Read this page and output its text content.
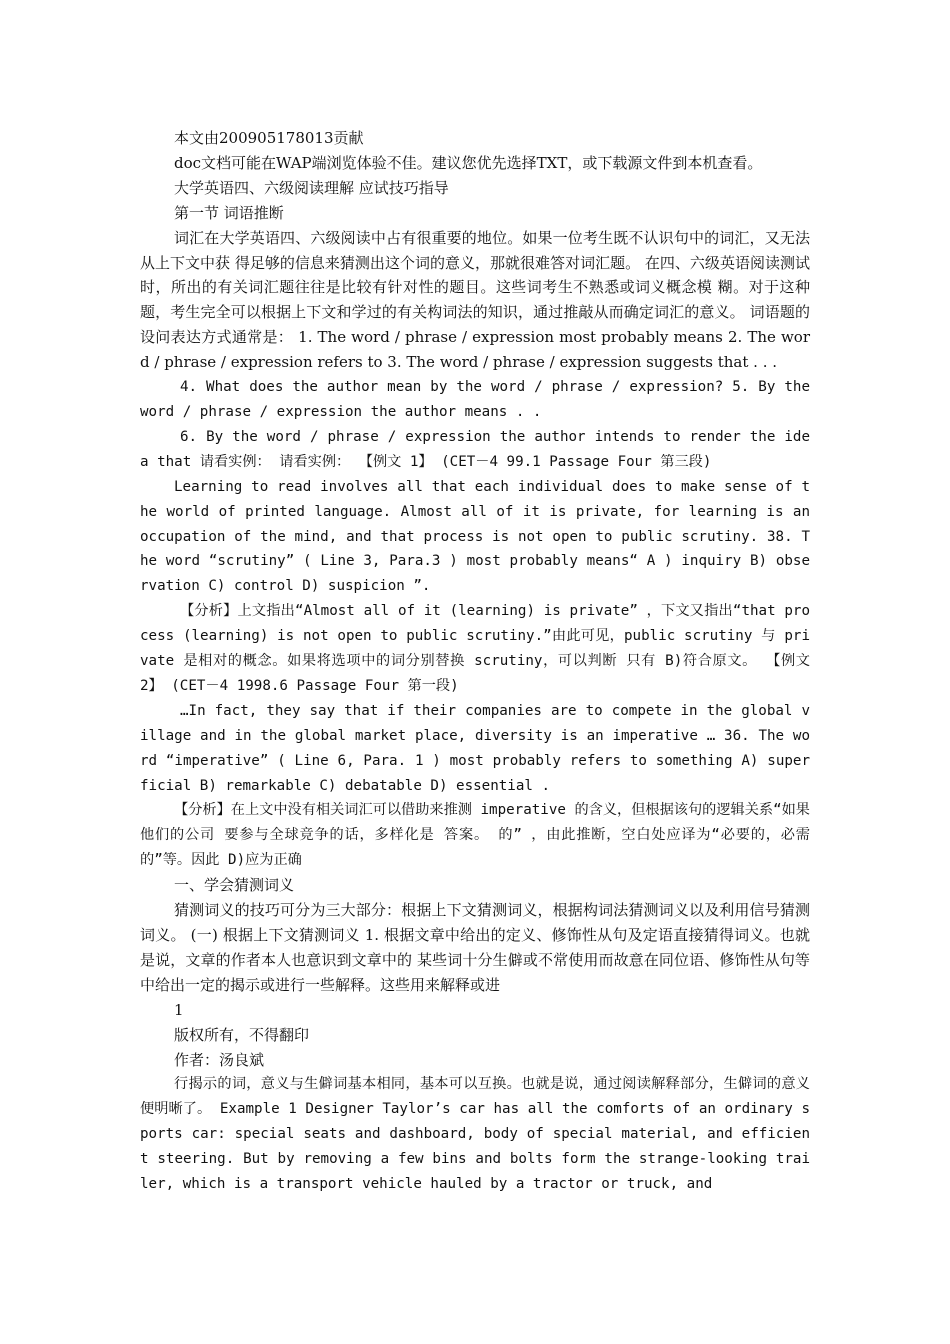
本文由200905178013贡献

doc文档可能在WAP端浏览体验不佳。建议您优先选择TXT，或下载源文件到本机查看。

大学英语四、六级阅读理解 应试技巧指导

第一节 词语推断

词汇在大学英语四、六级阅读中占有很重要的地位。如果一位考生既不认识句中的词汇，又无法从上下文中获 得足够的信息来猜测出这个词的意义，那就很难答对词汇题。 在四、六级英语阅读测试时，所出的有关词汇题往往是比较有针对性的题目。这些词考生不熟悉或词义概念模 糊。对于这种题，考生完全可以根据上下文和学过的有关构词法的知识，通过推敲从而确定词汇的意义。 词语题的设问表达方式通常是： 1. The word / phrase / expression most probably means 2. The word / phrase / expression refers to 3. The word / phrase / expression suggests that . . .

4. What does the author mean by the word / phrase / expression? 5. By the word / phrase / expression the author means . .

6. By the word / phrase / expression the author intends to render the idea that 请看实例： 请看实例： 【例文 1】 (CET－4 99.1 Passage Four 第三段)

Learning to read involves all that each individual does to make sense of the world of printed language. Almost all of it is private, for learning is an occupation of the mind, and that process is not open to public scrutiny. 38. The word “scrutiny” ( Line 3, Para.3 ) most probably means“ A ) inquiry B) observation C) control D) suspicion ”.

【分析】上文指出“Almost all of it (learning) is private” ，下文又指出“that process (learning) is not open to public scrutiny.”由此可见，public scrutiny 与 private 是相对的概念。如果将选项中的词分别替换 scrutiny，可以判断 只有 B)符合原文。 【例文 2】 (CET－4 1998.6 Passage Four 第一段)

…In fact, they say that if their companies are to compete in the global village and in the global market place, diversity is an imperative … 36. The word “imperative” ( Line 6, Para. 1 ) most probably refers to something A) superficial B) remarkable C) debatable D) essential .

【分析】在上文中没有相关词汇可以借助来推测 imperative 的含义，但根据该句的逻辑关系“如果他们的公司 要参与全球竞争的话，多样化是 答案。 的” ，由此推断，空白处应译为“必要的，必需的”等。因此 D)应为正确

一、学会猜测词义

猜测词义的技巧可分为三大部分：根据上下文猜测词义，根据构词法猜测词义以及利用信号猜测词义。 (一) 根据上下文猜测词义 1. 根据文章中给出的定义、修饰性从句及定语直接猜得词义。也就是说，文章的作者本人也意识到文章中的 某些词十分生僻或不常使用而故意在同位语、修饰性从句等中给出一定的揭示或进行一些解释。这些用来解释或进

1

版权所有，不得翻印

作者：汤良斌

行揭示的词，意义与生僻词基本相同，基本可以互换。也就是说，通过阅读解释部分，生僻词的意义便明晰了。 Example 1 Designer Taylor’s car has all the comforts of an ordinary sports car: special seats and dashboard, body of special material, and efficient steering. But by removing a few bins and bolts form the strange-looking trailer, which is a transport vehicle hauled by a tractor or truck, and
